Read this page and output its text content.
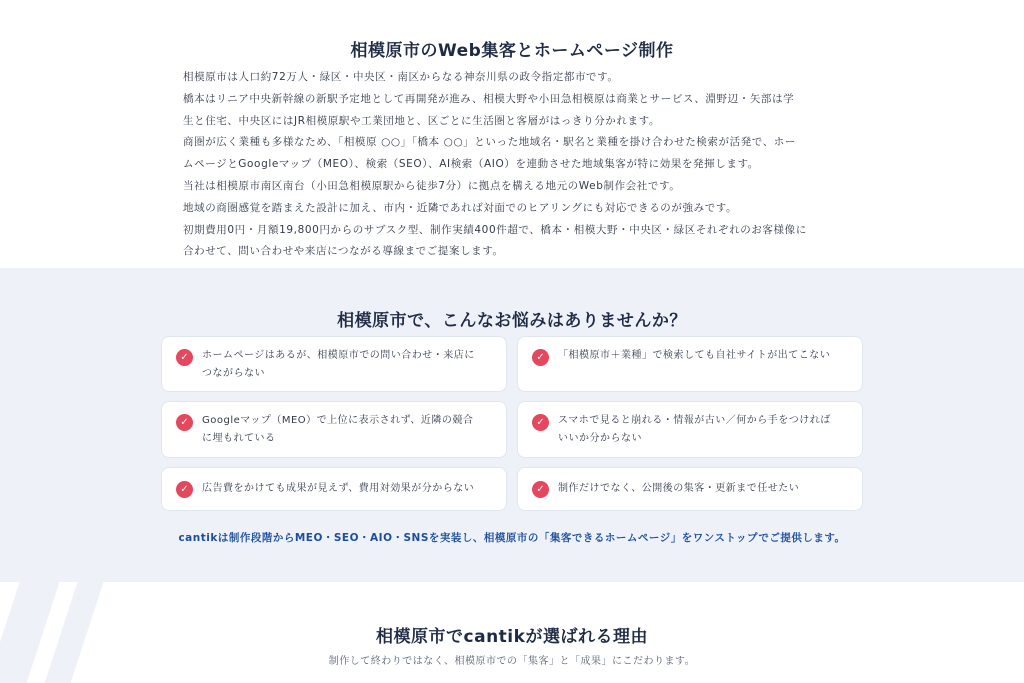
相模原市のWeb集客とホームページ制作

相模原市は人口約72万人・緑区・中央区・南区からなる神奈川県の政令指定都市です。

橋本はリニア中央新幹線の新駅予定地として再開発が進み、相模大野や小田急相模原は商業とサービス、淵野辺・矢部は学

生と住宅、中央区にはJR相模原駅や工業団地と、区ごとに生活圏と客層がはっきり分かれます。

商圏が広く業種も多様なため、「相模原 ○○」「橋本 ○○」といった地域名・駅名と業種を掛け合わせた検索が活発で、ホー

ムページとGoogleマップ（MEO）、検索（SEO）、AI検索（AIO）を連動させた地域集客が特に効果を発揮します。

当社は相模原市南区南台（小田急相模原駅から徒歩7分）に拠点を構える地元のWeb制作会社です。

地域の商圏感覚を踏まえた設計に加え、市内・近隣であれば対面でのヒアリングにも対応できるのが強みです。

初期費用0円・月額19,800円からのサブスク型、制作実績400件超で、橋本・相模大野・中央区・緑区それぞれのお客様像に

合わせて、問い合わせや来店につながる導線までご提案します。

相模原市で、こんなお悩みはありませんか？
✓	ホームページはあるが、相模原市での問い合わせ・来店に
つながらない
✓	「相模原市＋業種」で検索しても自社サイトが出てこない
✓	Googleマップ（MEO）で上位に表示されず、近隣の競合
に埋もれている
✓	スマホで見ると崩れる・情報が古い／何から手をつければ
いいか分からない
✓	広告費をかけても成果が見えず、費用対効果が分からない	✓	制作だけでなく、公開後の集客・更新まで任せたい

cantikは制作段階からMEO・SEO・AIO・SNSを実装し、相模原市の「集客できるホームページ」をワンストップでご提供します。

相模原市でcantikが選ばれる理由

制作して終わりではなく、相模原市での「集客」と「成果」にこだわります。
